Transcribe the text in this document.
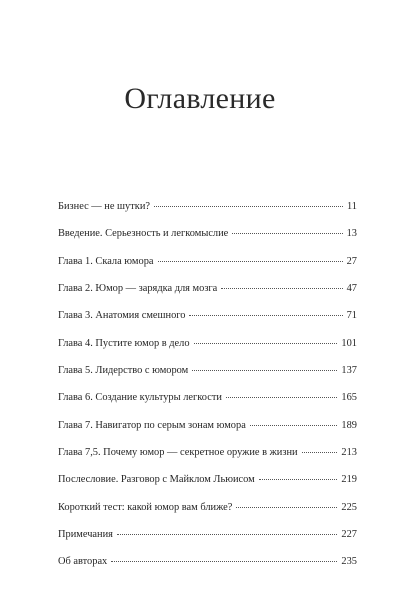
Оглавление
Бизнес — не шутки?	11
Введение. Серьезность и легкомыслие	13
Глава 1. Скала юмора	27
Глава 2. Юмор — зарядка для мозга	47
Глава 3. Анатомия смешного	71
Глава 4. Пустите юмор в дело	101
Глава 5. Лидерство с юмором	137
Глава 6. Создание культуры легкости	165
Глава 7. Навигатор по серым зонам юмора	189
Глава 7,5. Почему юмор — секретное оружие в жизни	213
Послесловие. Разговор с Майклом Льюисом	219
Короткий тест: какой юмор вам ближе?	225
Примечания	227
Об авторах	235
